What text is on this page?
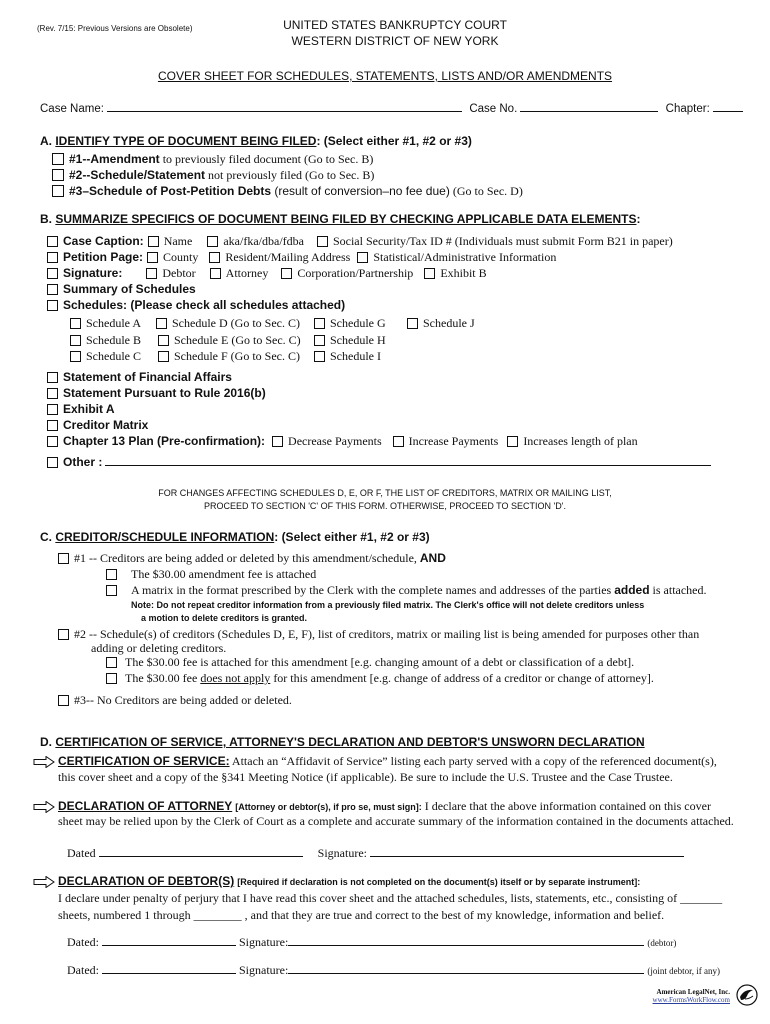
(Rev. 7/15: Previous Versions are Obsolete)	UNITED STATES BANKRUPTCY COURT
WESTERN DISTRICT OF NEW YORK
COVER SHEET FOR SCHEDULES, STATEMENTS, LISTS AND/OR AMENDMENTS
Case Name:	Case No.	Chapter:
A. IDENTIFY TYPE OF DOCUMENT BEING FILED: (Select either #1, #2 or #3)
#1--Amendment to previously filed document (Go to Sec. B)
#2--Schedule/Statement not previously filed (Go to Sec. B)
#3–Schedule of Post-Petition Debts (result of conversion–no fee due) (Go to Sec. D)
B. SUMMARIZE SPECIFICS OF DOCUMENT BEING FILED BY CHECKING APPLICABLE DATA ELEMENTS:
Case Caption: Name	aka/fka/dba/fdba Social Security/Tax ID # (Individuals must submit Form B21 in paper)
Petition Page: County Resident/Mailing Address Statistical/Administrative Information
Signature:	Debtor	Attorney Corporation/Partnership Exhibit B
Summary of Schedules
Schedules: (Please check all schedules attached)
Schedule A	Schedule D (Go to Sec. C)	Schedule G	Schedule J
Schedule B	Schedule E (Go to Sec. C)	Schedule H
Schedule C	Schedule F (Go to Sec. C)	Schedule I
Statement of Financial Affairs
Statement Pursuant to Rule 2016(b)
Exhibit A
Creditor Matrix
Chapter 13 Plan (Pre-confirmation): Decrease Payments Increase Payments Increases length of plan
Other :
FOR CHANGES AFFECTING SCHEDULES D, E, OR F, THE LIST OF CREDITORS, MATRIX OR MAILING LIST,
PROCEED TO SECTION 'C' OF THIS FORM. OTHERWISE, PROCEED TO SECTION 'D'.
C. CREDITOR/SCHEDULE INFORMATION: (Select either #1, #2 or #3)
#1 -- Creditors are being added or deleted by this amendment/schedule, AND
The $30.00 amendment fee is attached
A matrix in the format prescribed by the Clerk with the complete names and addresses of the parties added is attached.
Note: Do not repeat creditor information from a previously filed matrix. The Clerk's office will not delete creditors unless
a motion to delete creditors is granted.
#2 -- Schedule(s) of creditors (Schedules D, E, F), list of creditors, matrix or mailing list is being amended for purposes other than
adding or deleting creditors.
The $30.00 fee is attached for this amendment [e.g. changing amount of a debt or classification of a debt].
The $30.00 fee does not apply for this amendment [e.g. change of address of a creditor or change of attorney].
#3-- No Creditors are being added or deleted.
D. CERTIFICATION OF SERVICE, ATTORNEY'S DECLARATION AND DEBTOR'S UNSWORN DECLARATION
CERTIFICATION OF SERVICE: Attach an “Affidavit of Service” listing each party served with a copy of the referenced document(s),
this cover sheet and a copy of the §341 Meeting Notice (if applicable). Be sure to include the U.S. Trustee and the Case Trustee.
DECLARATION OF ATTORNEY [Attorney or debtor(s), if pro se, must sign]: I declare that the above information contained on this cover
sheet may be relied upon by the Clerk of Court as a complete and accurate summary of the information contained in the documents attached.
Dated	Signature:
DECLARATION OF DEBTOR(S) [Required if declaration is not completed on the document(s) itself or by separate instrument]:
I declare under penalty of perjury that I have read this cover sheet and the attached schedules, lists, statements, etc., consisting of _______
sheets, numbered 1 through ________ , and that they are true and correct to the best of my knowledge, information and belief.
Dated:	Signature:	(debtor)
Dated:	Signature:	(joint debtor, if any)
American LegalNet, Inc.
www.FormsWorkFlow.com
